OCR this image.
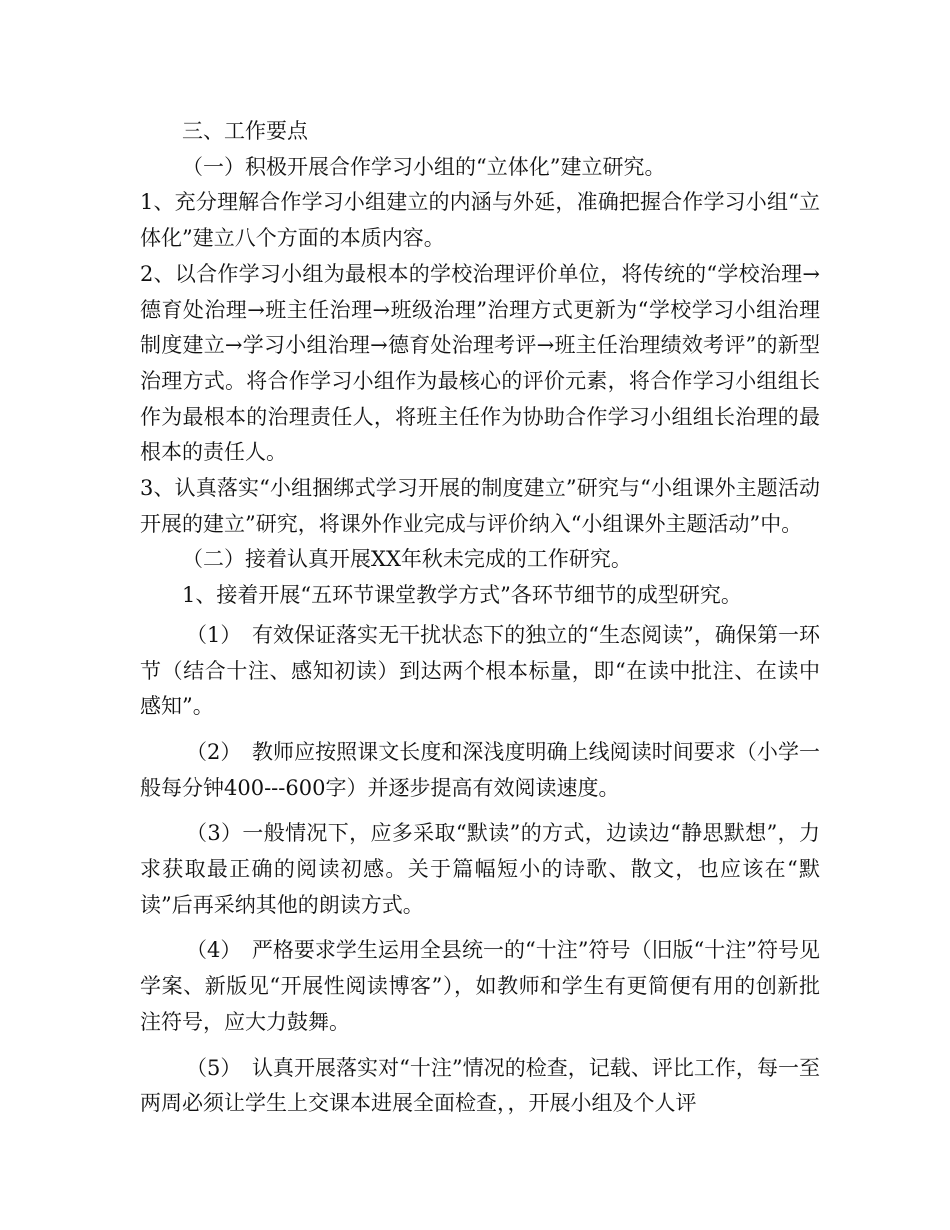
三、工作要点

（一）积极开展合作学习小组的“立体化”建立研究。

1、充分理解合作学习小组建立的内涵与外延，准确把握合作学习小组“立体化”建立八个方面的本质内容。

2、以合作学习小组为最根本的学校治理评价单位，将传统的“学校治理→德育处治理→班主任治理→班级治理”治理方式更新为“学校学习小组治理制度建立→学习小组治理→德育处治理考评→班主任治理绩效考评”的新型治理方式。将合作学习小组作为最核心的评价元素，将合作学习小组组长作为最根本的治理责任人，将班主任作为协助合作学习小组组长治理的最根本的责任人。

3、认真落实“小组捆绑式学习开展的制度建立”研究与“小组课外主题活动开展的建立”研究，将课外作业完成与评价纳入“小组课外主题活动”中。

（二）接着认真开展XX年秋未完成的工作研究。

1、接着开展“五环节课堂教学方式”各环节细节的成型研究。

（1）　有效保证落实无干扰状态下的独立的“生态阅读”，确保第一环节（结合十注、感知初读）到达两个根本标量，即“在读中批注、在读中感知”。

（2）　教师应按照课文长度和深浅度明确上线阅读时间要求（小学一般每分钟400---600字）并逐步提高有效阅读速度。

（3）一般情况下，应多采取“默读”的方式，边读边“静思默想”，力求获取最正确的阅读初感。关于篇幅短小的诗歌、散文，也应该在“默读”后再采纳其他的朗读方式。

（4）　严格要求学生运用全县统一的“十注”符号（旧版“十注”符号见学案、新版见“开展性阅读博客”），如教师和学生有更简便有用的创新批注符号，应大力鼓舞。

（5）　认真开展落实对“十注”情况的检查，记载、评比工作，每一至两周必须让学生上交课本进展全面检查，，开展小组及个人评
